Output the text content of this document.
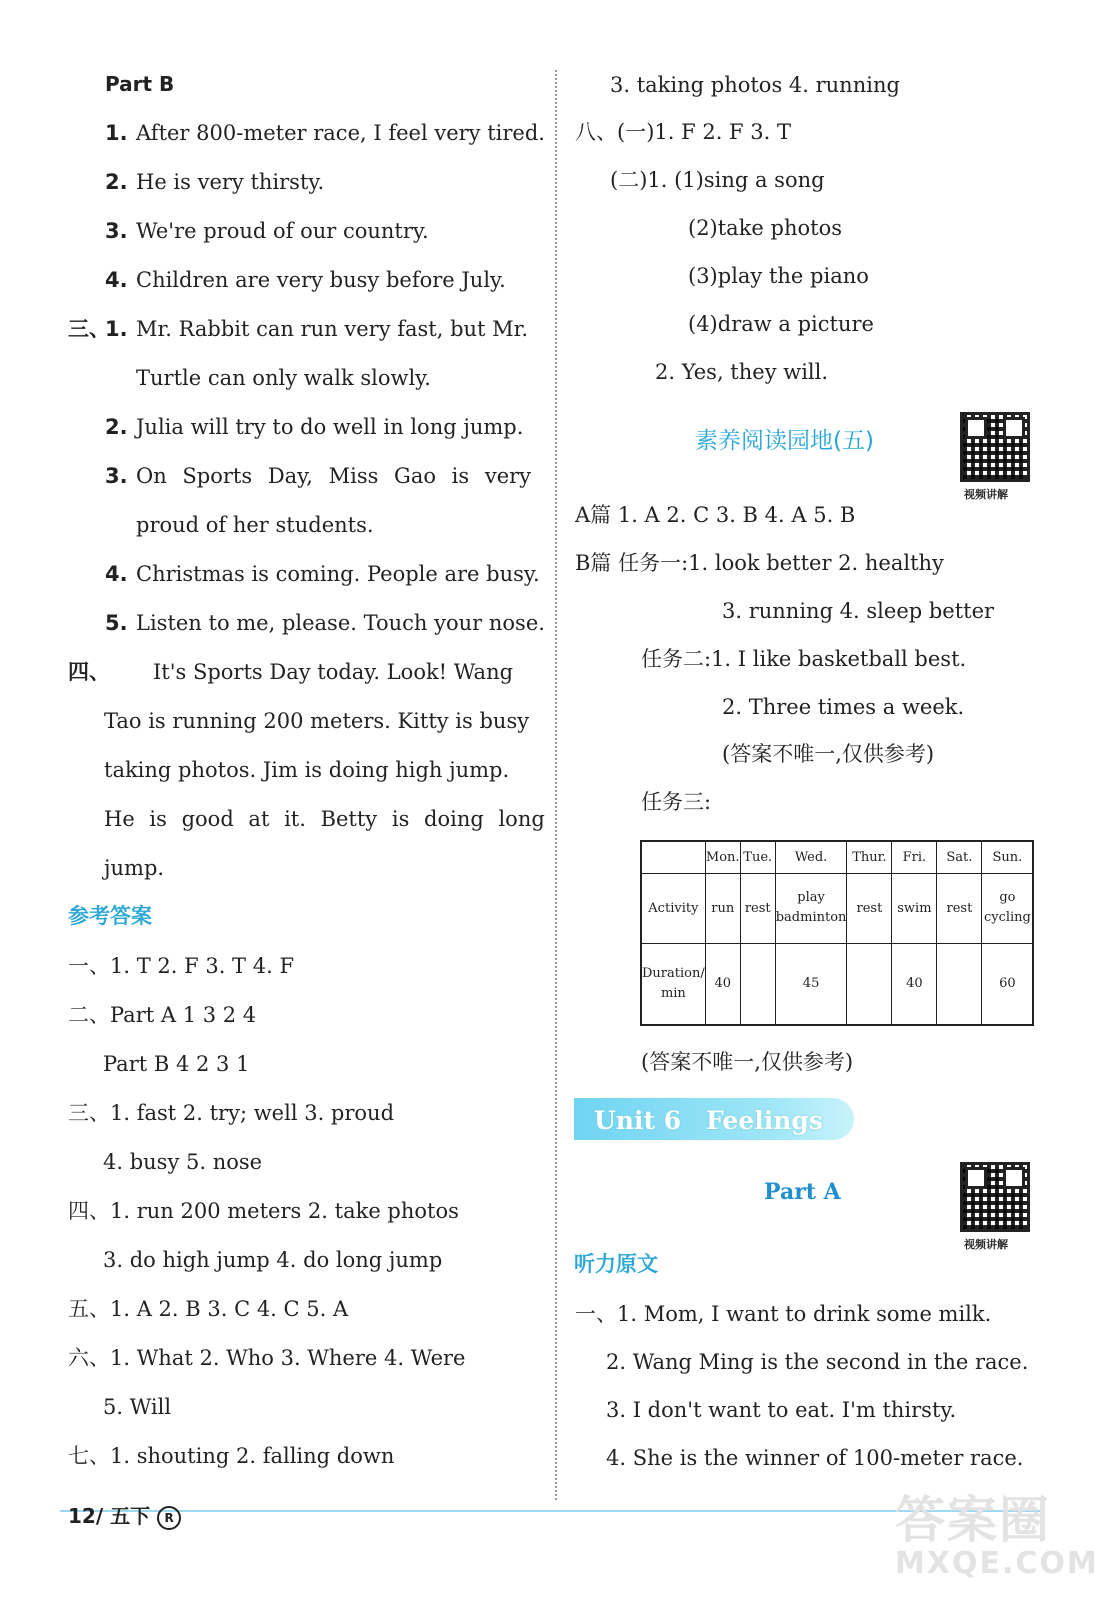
Part B
1. After 800-meter race, I feel very tired.
2. He is very thirsty.
3. We're proud of our country.
4. Children are very busy before July.
三、
1. Mr. Rabbit can run very fast, but Mr.
Turtle can only walk slowly.
2. Julia will try to do well in long jump.
3. On Sports Day, Miss Gao is very
proud of her students.
4. Christmas is coming. People are busy.
5. Listen to me, please. Touch your nose.
四、 It's Sports Day today. Look! Wang
Tao is running 200 meters. Kitty is busy
taking photos. Jim is doing high jump.
He is good at it. Betty is doing long
jump.
参考答案
一、1. T 2. F 3. T 4. F
二、Part A 1 3 2 4
Part B 4 2 3 1
三、1. fast 2. try; well 3. proud
4. busy 5. nose
四、1. run 200 meters 2. take photos
3. do high jump 4. do long jump
五、1. A 2. B 3. C 4. C 5. A
六、1. What 2. Who 3. Where 4. Were
5. Will
七、1. shouting 2. falling down
3. taking photos 4. running
八、(一)1. F 2. F 3. T
(二)1. (1)sing a song
(2)take photos
(3)play the piano
(4)draw a picture
2. Yes, they will.
素养阅读园地(五)
视频讲解
A篇 1. A 2. C 3. B 4. A 5. B
B篇 任务一:1. look better 2. healthy
3. running 4. sleep better
任务二:1. I like basketball best.
2. Three times a week.
(答案不唯一,仅供参考)
任务三:
	Mon.	Tue.	Wed.	Thur.	Fri.	Sat.	Sun.
Activity	run	rest	play badminton	rest	swim	rest	go cycling
Duration/ min	40		45		40		60
(答案不唯一,仅供参考)
Unit 6 Feelings
Part A
视频讲解
听力原文
一、1. Mom, I want to drink some milk.
2. Wang Ming is the second in the race.
3. I don't want to eat. I'm thirsty.
4. She is the winner of 100-meter race.
12/ 五下 R	答案圈
MXQE.COM
